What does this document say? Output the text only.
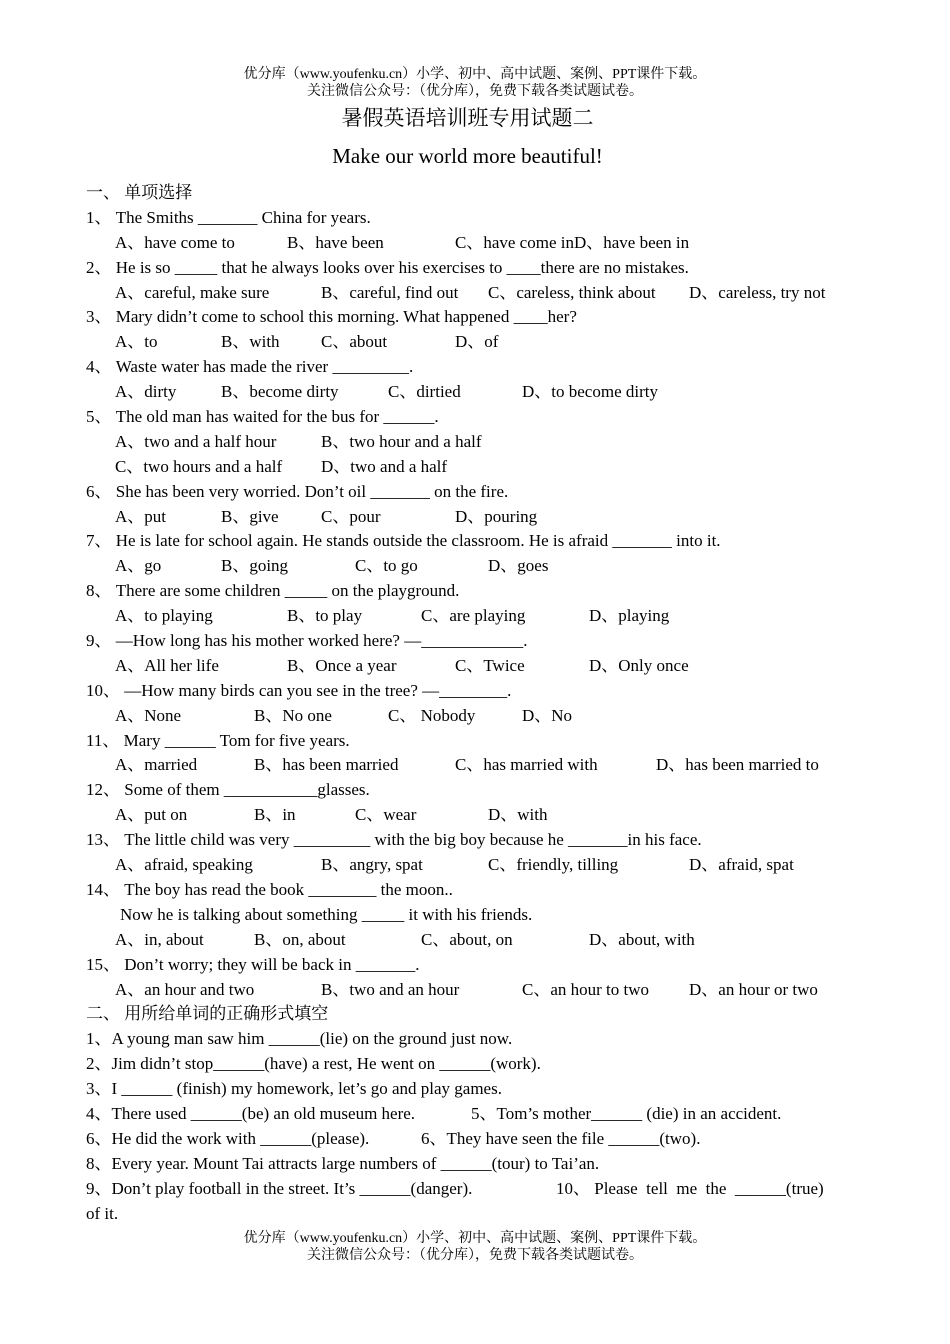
优分库（www.youfenku.cn）小学、初中、高中试题、案例、PPT课件下载。
关注微信公众号：（优分库），免费下载各类试题试卷。
暑假英语培训班专用试题二
Make our world more beautiful!
一、 单项选择
1、 The Smiths _______ China for years.

A、have come to

	B、have been

	C、have come inD、have been in

2、 He is so _____ that he always looks over his exercises to ____there are no mistakes.

A、careful, make sure

	B、careful, find out

C、careless, think about

D、careless, try not

3、 Mary didn’t come to school this morning. What happened ____her?

A、to

	B、with

C、about

	D、of

4、 Waste water has made the river _________.

A、dirty

	B、become dirty

	C、dirtied

	D、to become dirty

5、 The old man has waited for the bus for ______.

A、two and a half hour

	B、two hour and a half

C、two hours and a half

D、two and a half

6、 She has been very worried. Don’t oil _______ on the fire.

A、put

	B、give

C、pour

	D、pouring

7、 He is late for school again. He stands outside the classroom. He is afraid _______ into it.

A、go

	B、going

	C、to go

	D、goes

8、 There are some children _____ on the playground.

A、to playing

	B、to play

	C、are playing

	D、playing

9、 —How long has his mother worked here? —____________.

A、All her life

	B、Once a year

	C、Twice

	D、Only once

10、 —How many birds can you see in the tree? —________.

A、None

	B、No one

	C、 Nobody

	D、No

11、 Mary ______ Tom for five years.

A、married

	B、has been married

	C、has married with

	D、has been married to

12、 Some of them ___________glasses.

A、put on

	B、in

	C、wear

	D、with

13、 The little child was very _________ with the big boy because he _______in his face.

A、afraid, speaking

	B、angry, spat

	C、friendly, tilling

	D、afraid, spat

14、 The boy has read the book ________ the moon..
Now he is talking about something _____ it with his friends.

A、in, about

	B、on, about

	C、about, on

	D、about, with

15、 Don’t worry; they will be back in _______.

A、an hour and two

	B、two and an hour

	C、an hour to two

D、an hour or two

二、 用所给单词的正确形式填空
1、A young man saw him ______(lie) on the ground just now.
2、Jim didn’t stop______(have) a rest, He went on ______(work).
3、I ______ (finish) my homework, let’s go and play games.

4、There used ______(be) an old museum here.

	5、Tom’s mother______ (die) in an accident.

6、He did the work with ______(please).

	6、They have seen the file ______(two).

8、Every year. Mount Tai attracts large numbers of ______(tour) to Tai’an.

9、Don’t play football in the street. It’s ______(danger).

	10、 Please  tell  me  the  ______(true)

of it.
优分库（www.youfenku.cn）小学、初中、高中试题、案例、PPT课件下载。
关注微信公众号：（优分库），免费下载各类试题试卷。
